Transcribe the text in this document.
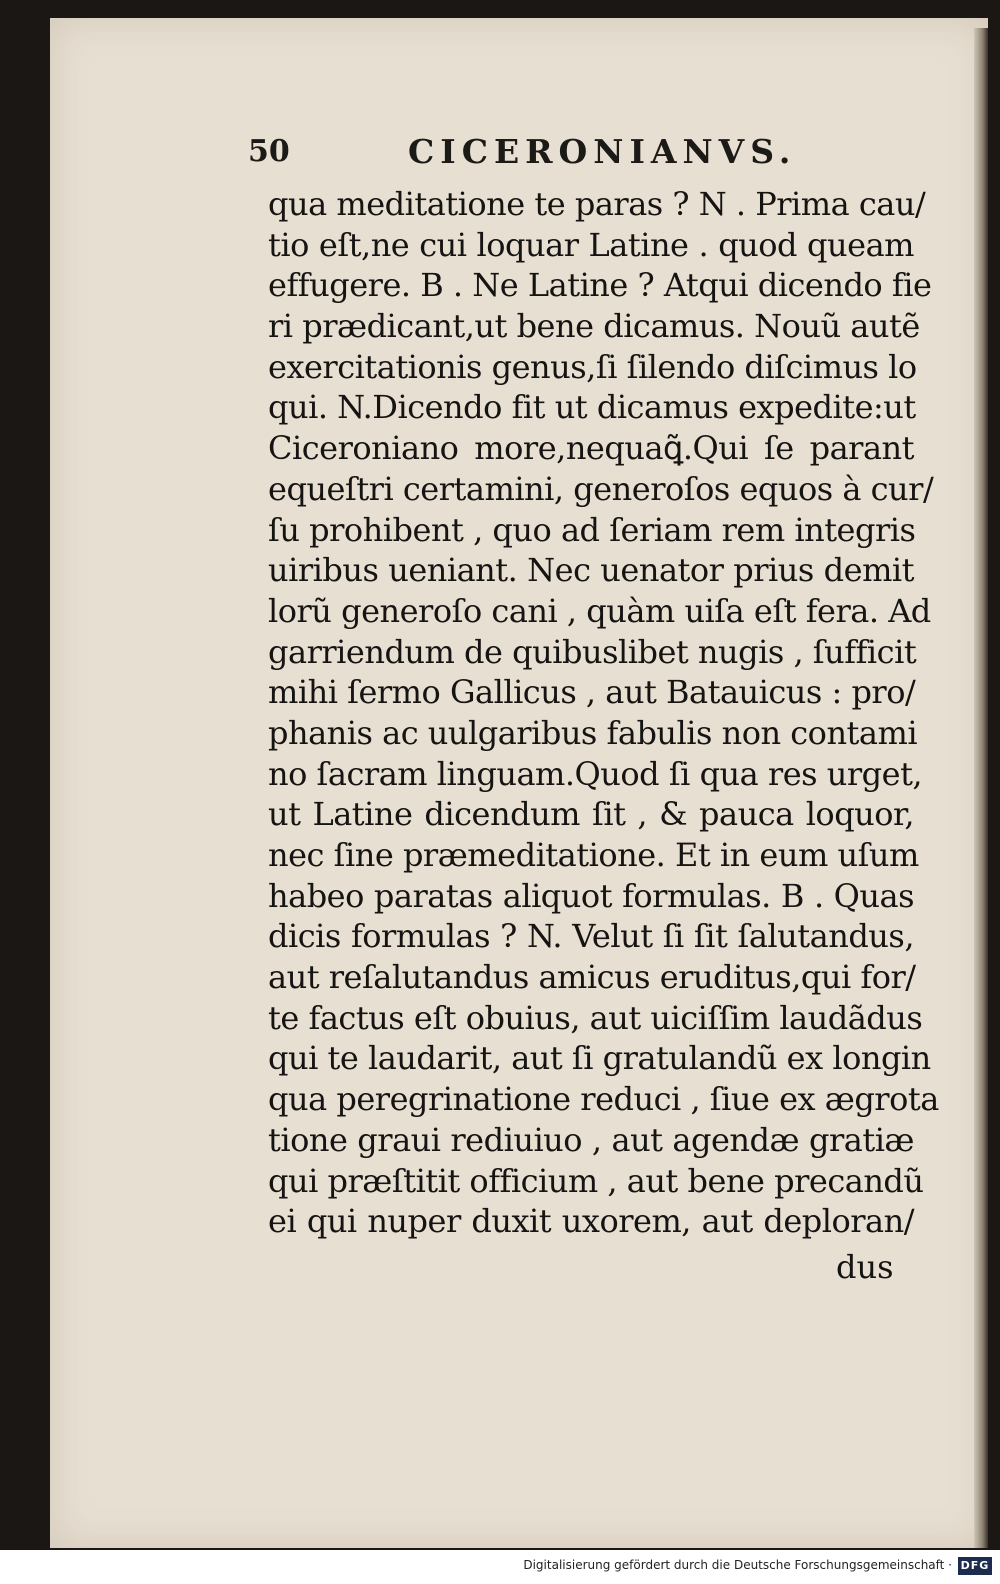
50	CICERONIANVS.
qua meditatione te paras ? N . Prima cau/
tio eſt,ne cui loquar Latine . quod queam
effugere. B . Ne Latine ? Atqui dicendo fie
ri prædicant,ut bene dicamus. Nouũ autẽ
exercitationis genus,ſi ſilendo diſcimus lo
qui. N.Dicendo fit ut dicamus expedite:ut
Ciceroniano more,nequaꝗ̃.Qui ſe parant
equeſtri certamini, generoſos equos à cur/
ſu prohibent , quo ad ſeriam rem integris
uiribus ueniant. Nec uenator prius demit
lorũ generoſo cani , quàm uiſa eſt fera. Ad
garriendum de quibuslibet nugis , ſufficit
mihi ſermo Gallicus , aut Batauicus : pro/
phanis ac uulgaribus fabulis non contami
no ſacram linguam.Quod ſi qua res urget,
ut Latine dicendum ſit , & pauca loquor,
nec ſine præmeditatione. Et in eum uſum
habeo paratas aliquot formulas. B . Quas
dicis formulas ? N. Velut ſi ſit ſalutandus,
aut reſalutandus amicus eruditus,qui for/
te factus eſt obuius, aut uiciſſim laudãdus
qui te laudarit, aut ſi gratulandũ ex longin
qua peregrinatione reduci , ſiue ex ægrota
tione graui rediuiuo , aut agendæ gratiæ
qui præſtitit officium , aut bene precandũ
ei qui nuper duxit uxorem, aut deploran/
dus
Digitalisierung gefördert durch die Deutsche Forschungsgemeinschaft · DFG
